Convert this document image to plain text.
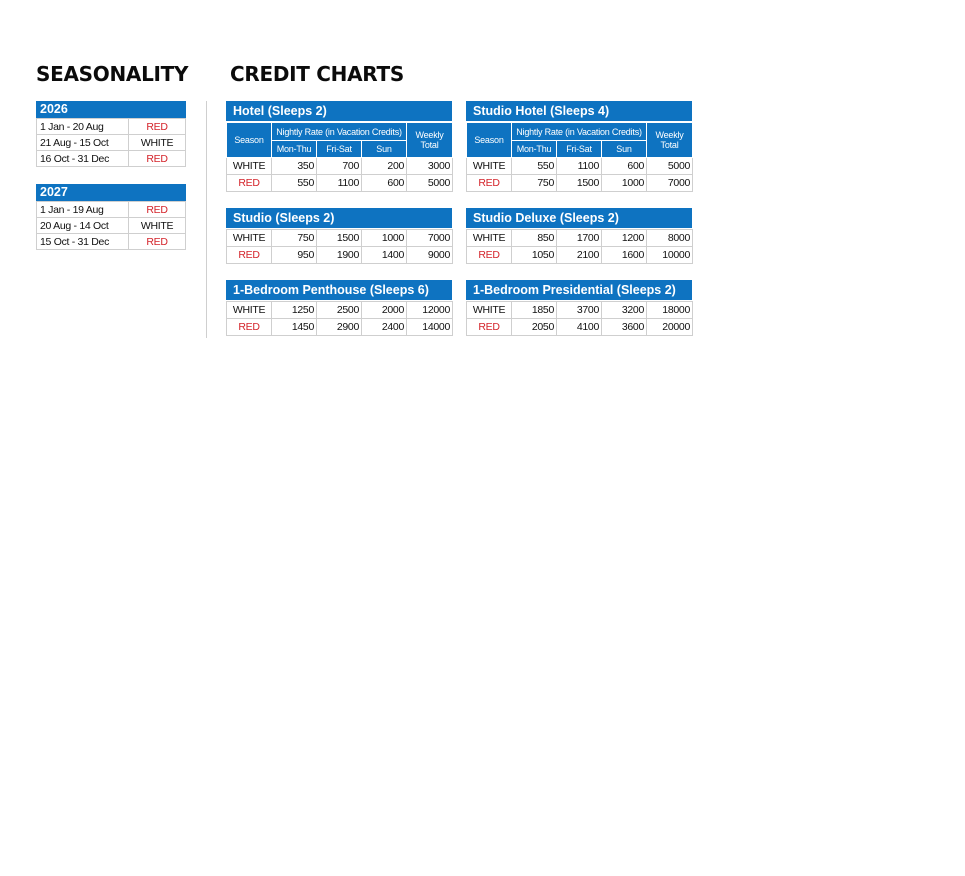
SEASONALITY CREDIT CHARTS
2026
1 Jan - 20 Aug	RED
21 Aug - 15 Oct	WHITE
16 Oct - 31 Dec	RED
2027
1 Jan - 19 Aug	RED
20 Aug - 14 Oct	WHITE
15 Oct - 31 Dec	RED
Hotel (Sleeps 2)
Season	Nightly Rate (in Vacation Credits)			Weekly
Total
	Mon-Thu	Fri-Sat	Sun	
WHITE	350	700	200	3000
RED	550	1100	600	5000
Studio Hotel (Sleeps 4)
Season	Nightly Rate (in Vacation Credits)			Weekly
Total
	Mon-Thu	Fri-Sat	Sun	
WHITE	550	1100	600	5000
RED	750	1500	1000	7000
Studio (Sleeps 2)
WHITE	750	1500	1000	7000
RED	950	1900	1400	9000
Studio Deluxe (Sleeps 2)
WHITE	850	1700	1200	8000
RED	1050	2100	1600	10000
1-Bedroom Penthouse (Sleeps 6)
WHITE	1250	2500	2000	12000
RED	1450	2900	2400	14000
1-Bedroom Presidential (Sleeps 2)
WHITE	1850	3700	3200	18000
RED	2050	4100	3600	20000
